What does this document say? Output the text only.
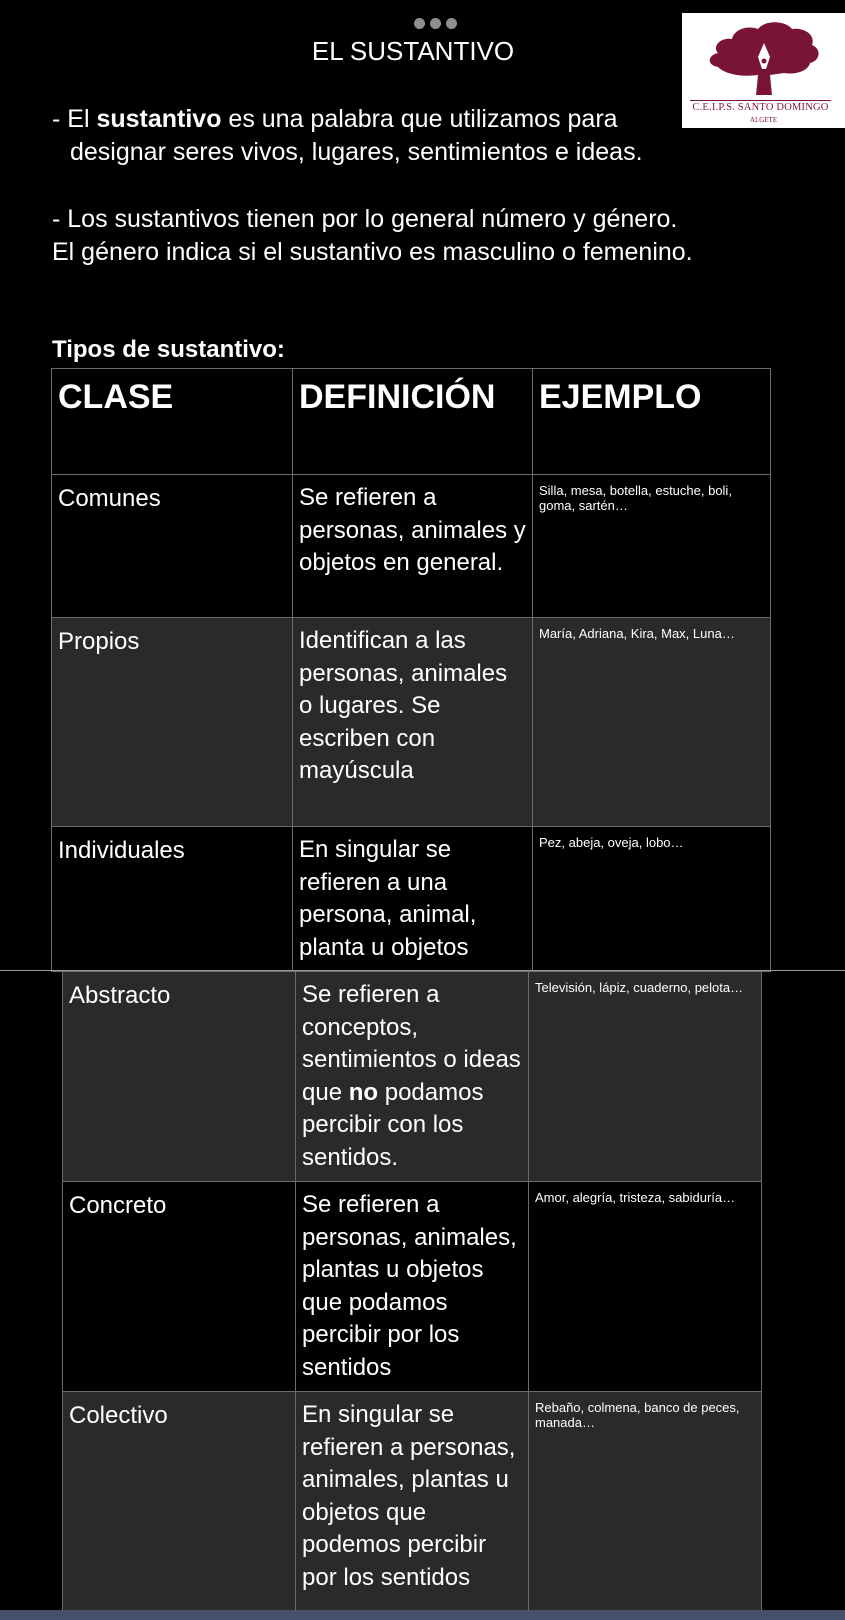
EL SUSTANTIVO
C.E.I.P.S. SANTO DOMINGO
ALGETE
- El sustantivo es una palabra que utilizamos para
designar seres vivos, lugares, sentimientos e ideas.
- Los sustantivos tienen por lo general número y género.
El género indica si el sustantivo es masculino o femenino.
Tipos de sustantivo:
CLASE	DEFINICIÓN	EJEMPLO
Comunes	Se refieren a personas, animales y objetos en general.	Silla, mesa, botella, estuche, boli, goma, sartén…
Propios	Identifican a las personas, animales o lugares. Se escriben con mayúscula	María, Adriana, Kira, Max, Luna…
Individuales	En singular se refieren a una persona, animal, planta u objetos	Pez, abeja, oveja, lobo…
Abstracto	Se refieren a conceptos, sentimientos o ideas que no podamos percibir con los sentidos.	Televisión, lápiz, cuaderno, pelota…
Concreto	Se refieren a personas, animales, plantas u objetos que podamos percibir por los sentidos	Amor, alegría, tristeza, sabiduría…
Colectivo	En singular se refieren a personas, animales, plantas u objetos que podemos percibir por los sentidos	Rebaño, colmena, banco de peces, manada…
